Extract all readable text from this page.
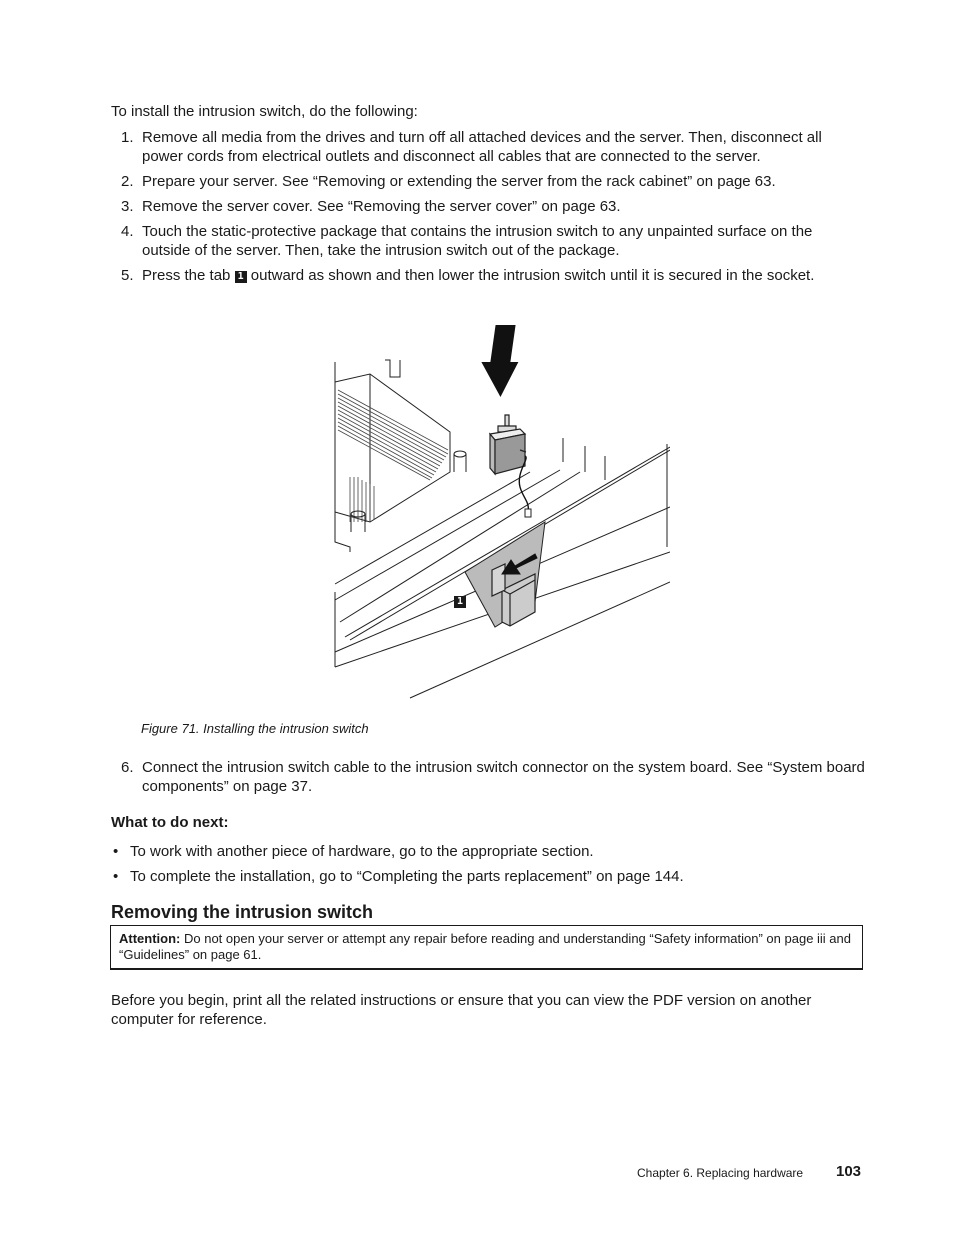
To install the intrusion switch, do the following:
1. Remove all media from the drives and turn off all attached devices and the server. Then, disconnect all power cords from electrical outlets and disconnect all cables that are connected to the server.
2. Prepare your server. See “Removing or extending the server from the rack cabinet” on page 63.
3. Remove the server cover. See “Removing the server cover” on page 63.
4. Touch the static-protective package that contains the intrusion switch to any unpainted surface on the outside of the server. Then, take the intrusion switch out of the package.
5. Press the tab 1 outward as shown and then lower the intrusion switch until it is secured in the socket.
1
Figure 71. Installing the intrusion switch
6. Connect the intrusion switch cable to the intrusion switch connector on the system board. See “System board components” on page 37.
What to do next:
• To work with another piece of hardware, go to the appropriate section.
• To complete the installation, go to “Completing the parts replacement” on page 144.
Removing the intrusion switch
Attention: Do not open your server or attempt any repair before reading and understanding “Safety information” on page iii and “Guidelines” on page 61.
Before you begin, print all the related instructions or ensure that you can view the PDF version on another computer for reference.
Chapter 6. Replacing hardware 103
